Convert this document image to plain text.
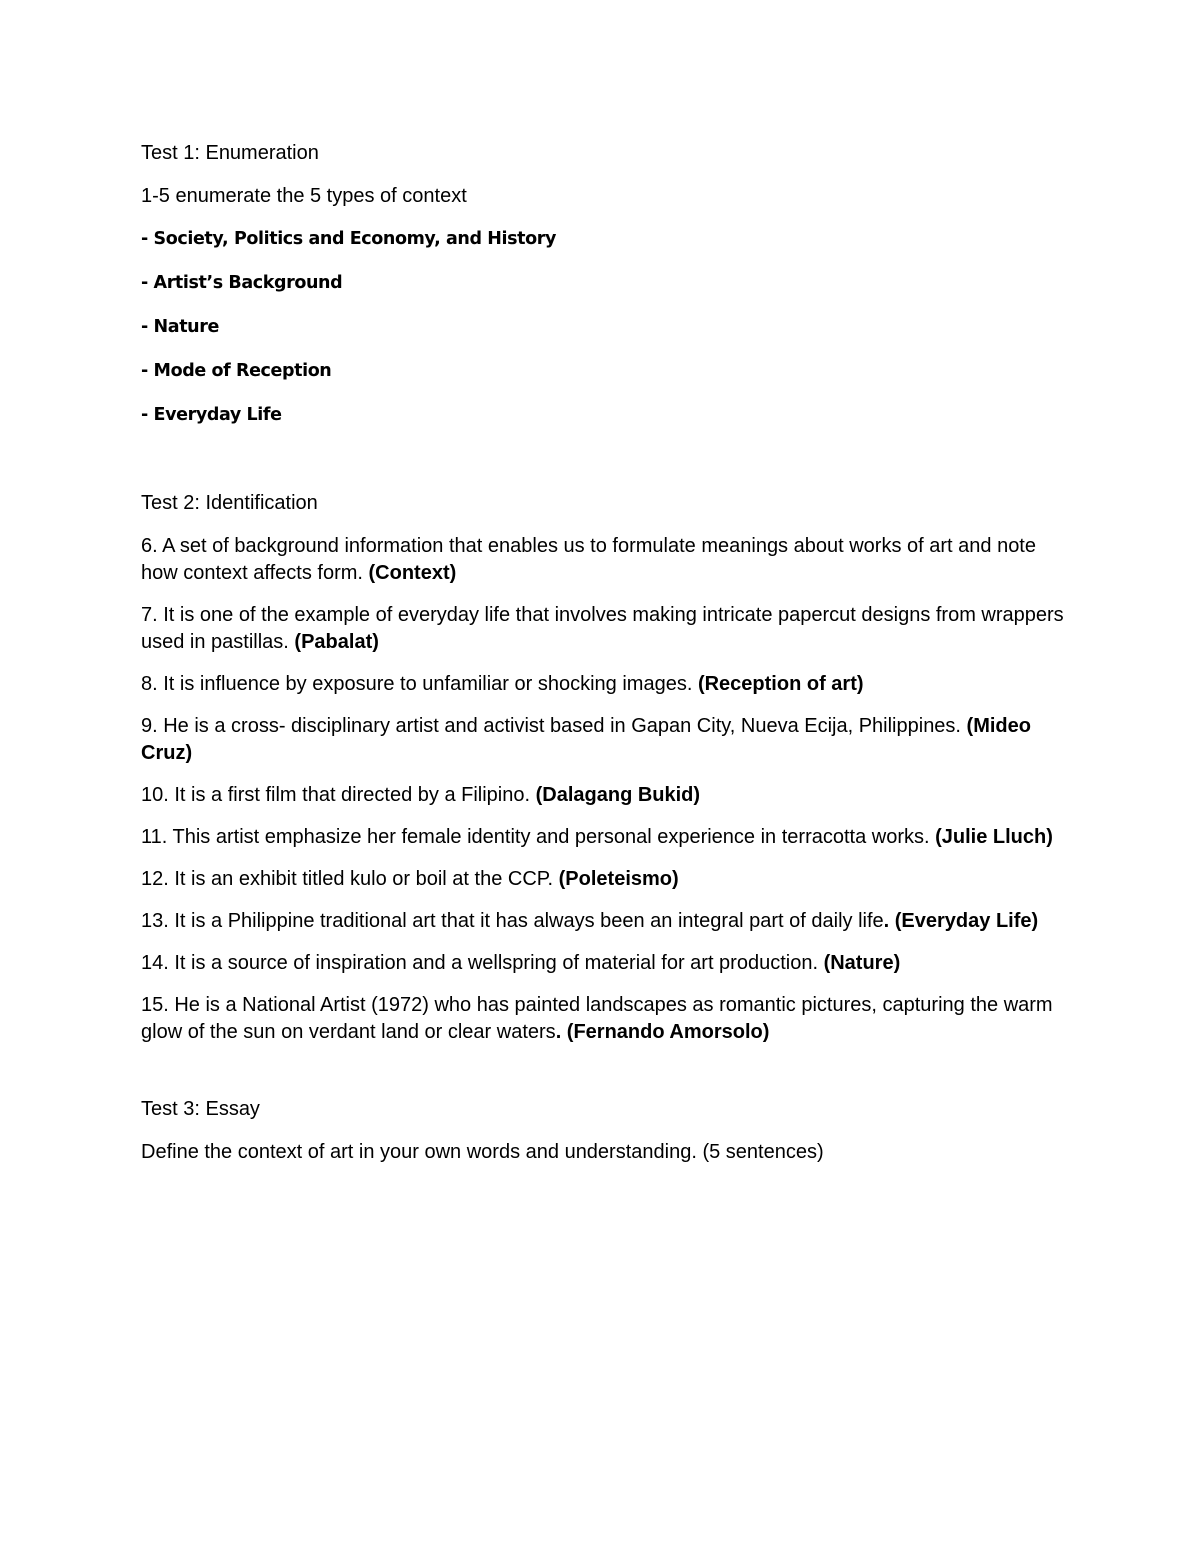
Test 1: Enumeration

1-5 enumerate the 5 types of context

- Society, Politics and Economy, and History

- Artist’s Background

- Nature

- Mode of Reception

- Everyday Life

Test 2: Identification

6. A set of background information that enables us to formulate meanings about works of art and note how context affects form. (Context)

7. It is one of the example of everyday life that involves making intricate papercut designs from wrappers used in pastillas. (Pabalat)

8. It is influence by exposure to unfamiliar or shocking images. (Reception of art)

9. He is a cross- disciplinary artist and activist based in Gapan City, Nueva Ecija, Philippines. (Mideo Cruz)

10. It is a first film that directed by a Filipino. (Dalagang Bukid)

11. This artist emphasize her female identity and personal experience in terracotta works. (Julie Lluch)

12. It is an exhibit titled kulo or boil at the CCP. (Poleteismo)

13. It is a Philippine traditional art that it has always been an integral part of daily life. (Everyday Life)

14. It is a source of inspiration and a wellspring of material for art production. (Nature)

15. He is a National Artist (1972) who has painted landscapes as romantic pictures, capturing the warm glow of the sun on verdant land or clear waters. (Fernando Amorsolo)

Test 3: Essay

Define the context of art in your own words and understanding. (5 sentences)
